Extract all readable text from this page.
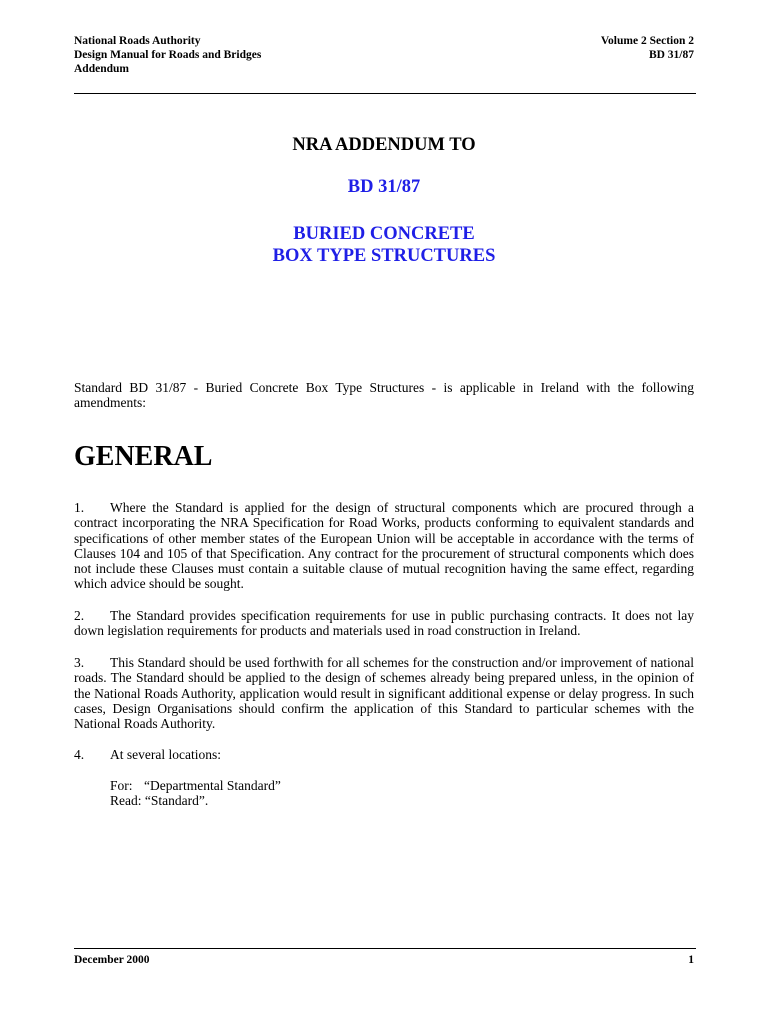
National Roads Authority
Design Manual for Roads and Bridges
Addendum
Volume 2 Section 2
BD 31/87
NRA ADDENDUM TO
BD 31/87
BURIED CONCRETE
BOX TYPE STRUCTURES
Standard BD 31/87 - Buried Concrete Box Type Structures - is applicable in Ireland with the following amendments:
GENERAL
1. Where the Standard is applied for the design of structural components which are procured through a contract incorporating the NRA Specification for Road Works, products conforming to equivalent standards and specifications of other member states of the European Union will be acceptable in accordance with the terms of Clauses 104 and 105 of that Specification. Any contract for the procurement of structural components which does not include these Clauses must contain a suitable clause of mutual recognition having the same effect, regarding which advice should be sought.
2. The Standard provides specification requirements for use in public purchasing contracts. It does not lay down legislation requirements for products and materials used in road construction in Ireland.
3. This Standard should be used forthwith for all schemes for the construction and/or improvement of national roads. The Standard should be applied to the design of schemes already being prepared unless, in the opinion of the National Roads Authority, application would result in significant additional expense or delay progress. In such cases, Design Organisations should confirm the application of this Standard to particular schemes with the National Roads Authority.
4. At several locations:
For: “Departmental Standard”
Read: “Standard”.
December 2000	1
